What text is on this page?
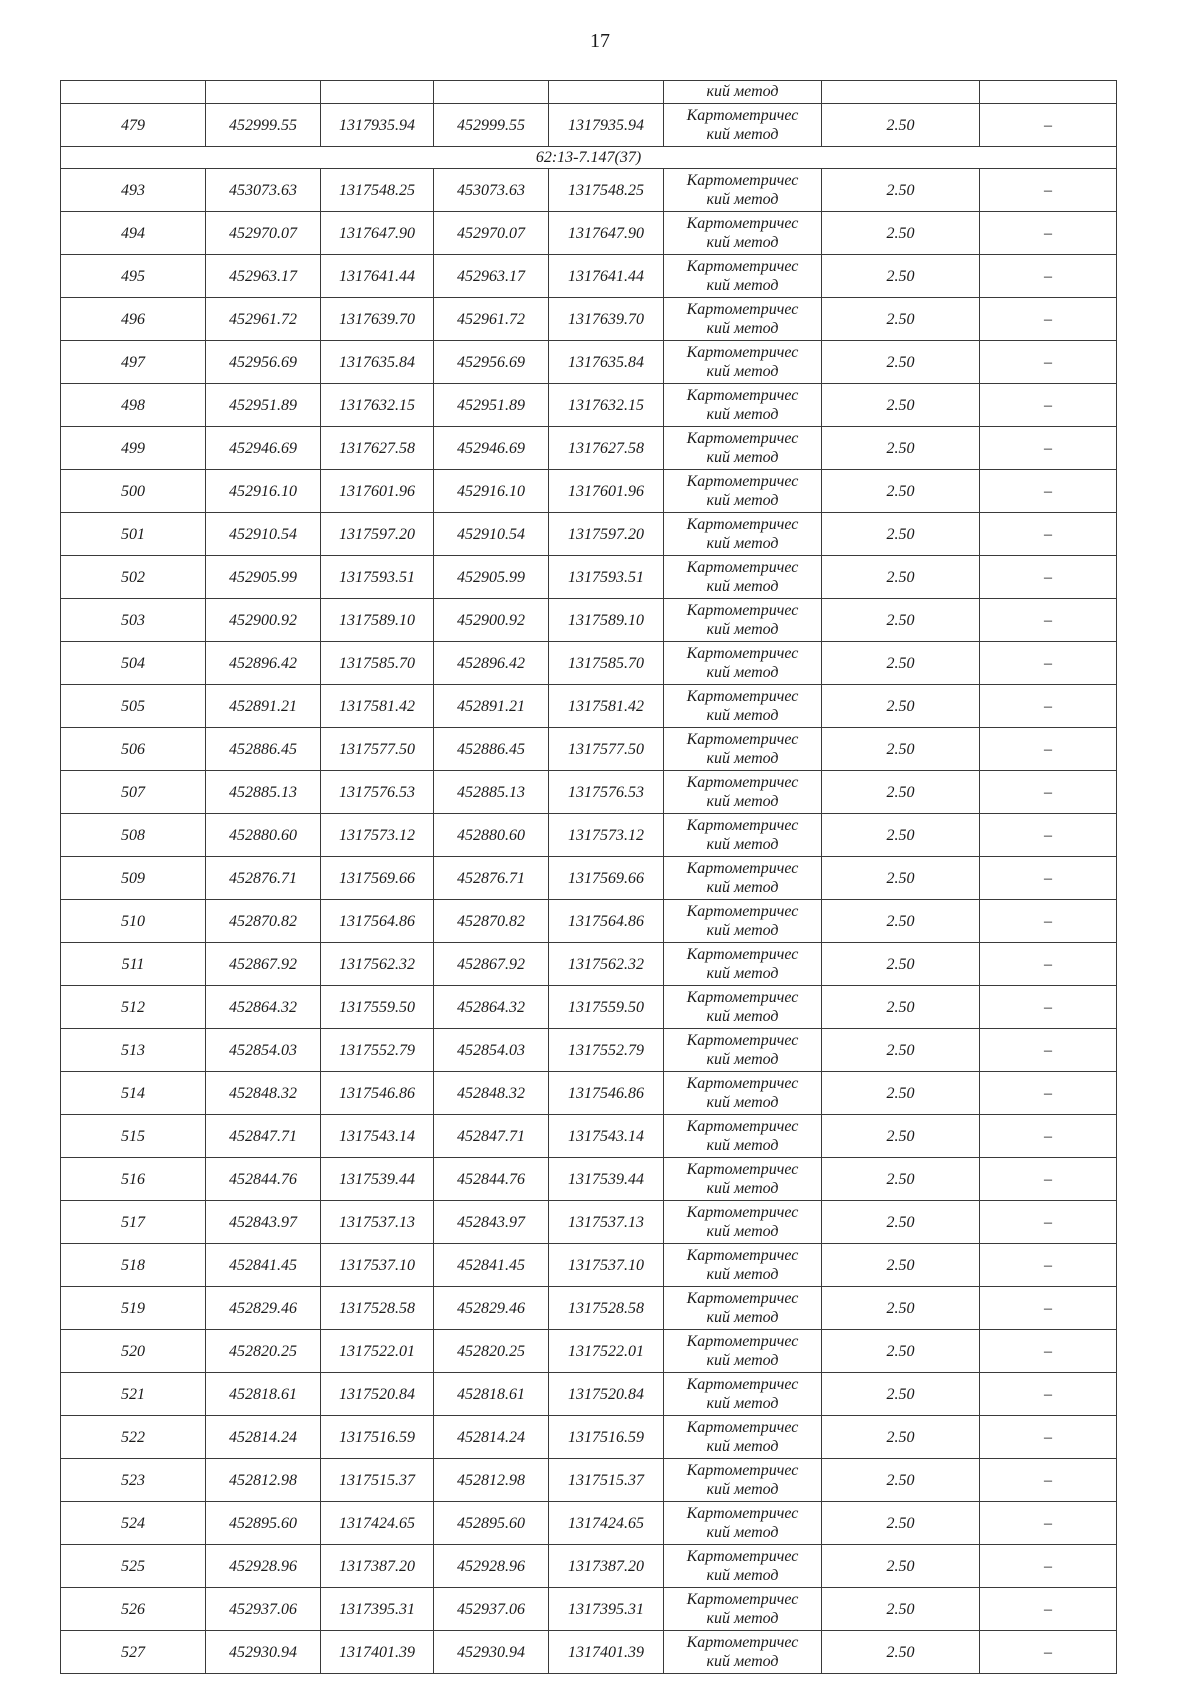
17

					кий метод		

479	452999.55	1317935.94	452999.55	1317935.94	Картометричес
кий метод	2.50	–
62:13-7.147(37)							
493	453073.63	1317548.25	453073.63	1317548.25	Картометричес
кий метод	2.50	–
494	452970.07	1317647.90	452970.07	1317647.90	Картометричес
кий метод	2.50	–
495	452963.17	1317641.44	452963.17	1317641.44	Картометричес
кий метод	2.50	–
496	452961.72	1317639.70	452961.72	1317639.70	Картометричес
кий метод	2.50	–
497	452956.69	1317635.84	452956.69	1317635.84	Картометричес
кий метод	2.50	–
498	452951.89	1317632.15	452951.89	1317632.15	Картометричес
кий метод	2.50	–
499	452946.69	1317627.58	452946.69	1317627.58	Картометричес
кий метод	2.50	–
500	452916.10	1317601.96	452916.10	1317601.96	Картометричес
кий метод	2.50	–
501	452910.54	1317597.20	452910.54	1317597.20	Картометричес
кий метод	2.50	–
502	452905.99	1317593.51	452905.99	1317593.51	Картометричес
кий метод	2.50	–
503	452900.92	1317589.10	452900.92	1317589.10	Картометричес
кий метод	2.50	–
504	452896.42	1317585.70	452896.42	1317585.70	Картометричес
кий метод	2.50	–
505	452891.21	1317581.42	452891.21	1317581.42	Картометричес
кий метод	2.50	–
506	452886.45	1317577.50	452886.45	1317577.50	Картометричес
кий метод	2.50	–
507	452885.13	1317576.53	452885.13	1317576.53	Картометричес
кий метод	2.50	–
508	452880.60	1317573.12	452880.60	1317573.12	Картометричес
кий метод	2.50	–
509	452876.71	1317569.66	452876.71	1317569.66	Картометричес
кий метод	2.50	–
510	452870.82	1317564.86	452870.82	1317564.86	Картометричес
кий метод	2.50	–
511	452867.92	1317562.32	452867.92	1317562.32	Картометричес
кий метод	2.50	–
512	452864.32	1317559.50	452864.32	1317559.50	Картометричес
кий метод	2.50	–
513	452854.03	1317552.79	452854.03	1317552.79	Картометричес
кий метод	2.50	–
514	452848.32	1317546.86	452848.32	1317546.86	Картометричес
кий метод	2.50	–
515	452847.71	1317543.14	452847.71	1317543.14	Картометричес
кий метод	2.50	–
516	452844.76	1317539.44	452844.76	1317539.44	Картометричес
кий метод	2.50	–
517	452843.97	1317537.13	452843.97	1317537.13	Картометричес
кий метод	2.50	–
518	452841.45	1317537.10	452841.45	1317537.10	Картометричес
кий метод	2.50	–
519	452829.46	1317528.58	452829.46	1317528.58	Картометричес
кий метод	2.50	–
520	452820.25	1317522.01	452820.25	1317522.01	Картометричес
кий метод	2.50	–
521	452818.61	1317520.84	452818.61	1317520.84	Картометричес
кий метод	2.50	–
522	452814.24	1317516.59	452814.24	1317516.59	Картометричес
кий метод	2.50	–
523	452812.98	1317515.37	452812.98	1317515.37	Картометричес
кий метод	2.50	–
524	452895.60	1317424.65	452895.60	1317424.65	Картометричес
кий метод	2.50	–
525	452928.96	1317387.20	452928.96	1317387.20	Картометричес
кий метод	2.50	–
526	452937.06	1317395.31	452937.06	1317395.31	Картометричес
кий метод	2.50	–
527	452930.94	1317401.39	452930.94	1317401.39	Картометричес
кий метод	2.50	–
